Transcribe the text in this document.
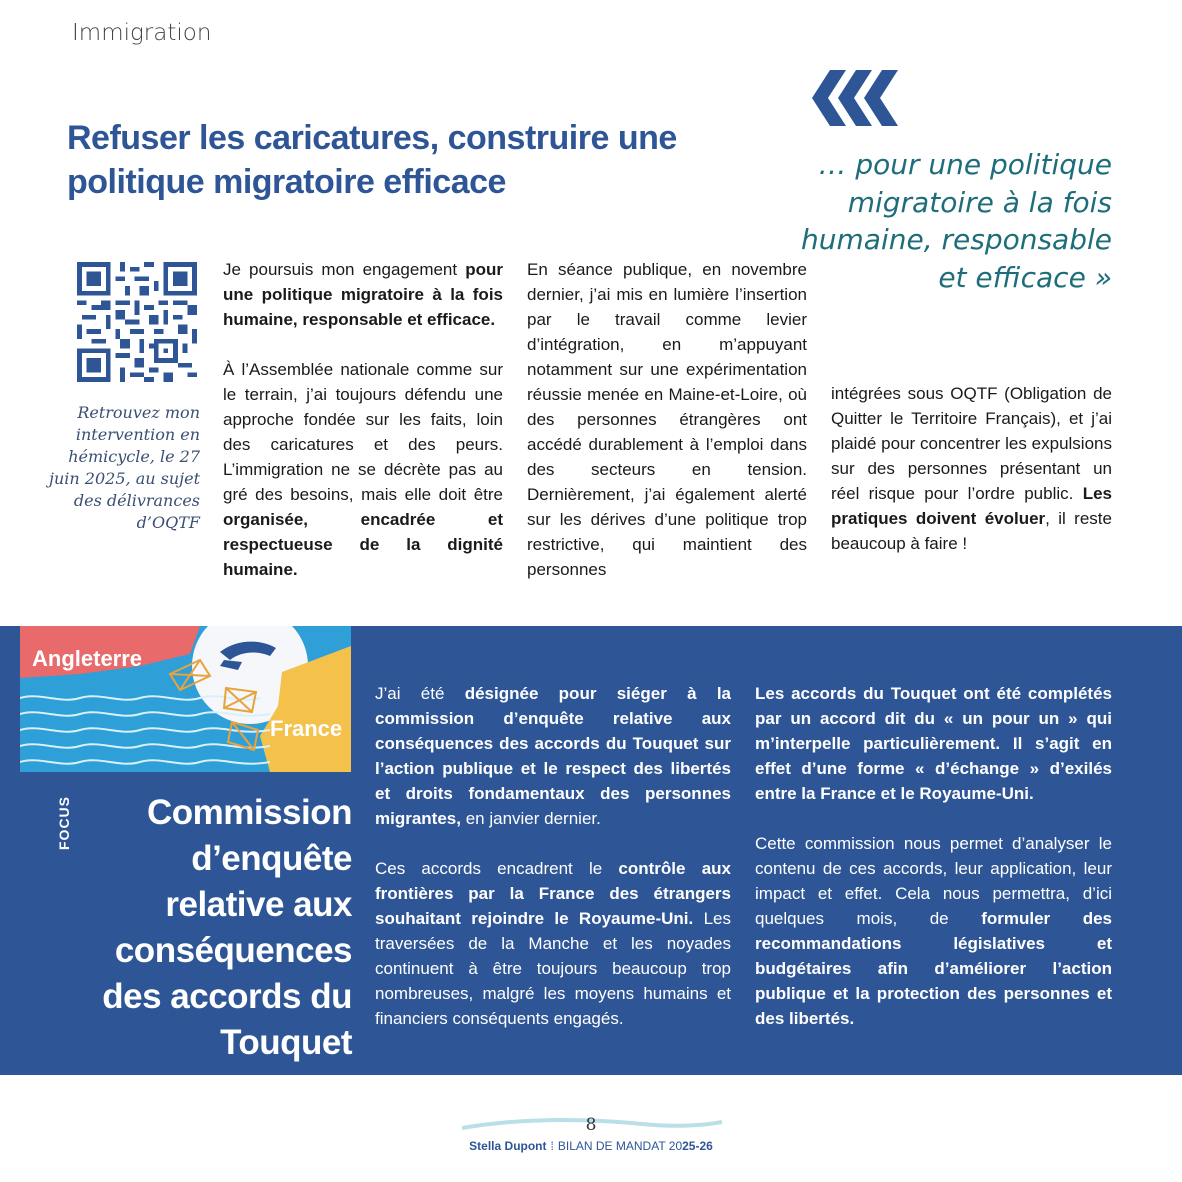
Immigration
Refuser les caricatures, construire une politique migratoire efficace	… pour une politique migratoire à la fois humaine, responsable et efficace »
Retrouvez mon intervention en hémicycle, le 27 juin 2025, au sujet des délivrances d’OQTF

Je poursuis mon engagement pour une politique migratoire à la fois humaine, responsable et efficace.

À l’Assemblée nationale comme sur le terrain, j’ai toujours défendu une approche fondée sur les faits, loin des caricatures et des peurs. L’immigration ne se décrète pas au gré des besoins, mais elle doit être organisée, encadrée et respectueuse de la dignité humaine.

En séance publique, en novembre dernier, j’ai mis en lumière l’insertion par le travail comme levier d’intégration, en m’appuyant notamment sur une expérimentation réussie menée en Maine-et-Loire, où des personnes étrangères ont accédé durablement à l’emploi dans des secteurs en tension. Dernièrement, j’ai également alerté sur les dérives d’une politique trop restrictive, qui maintient des personnes

intégrées sous OQTF (Obligation de Quitter le Territoire Français), et j’ai plaidé pour concentrer les expulsions sur des personnes présentant un réel risque pour l’ordre public. Les pratiques doivent évoluer, il reste beaucoup à faire !

Angleterre
France
FOCUS	Commission d’enquête relative aux conséquences des accords du Touquet

J’ai été désignée pour siéger à la commission d’enquête relative aux conséquences des accords du Touquet sur l’action publique et le respect des libertés et droits fondamentaux des personnes migrantes, en janvier dernier.

Ces accords encadrent le contrôle aux frontières par la France des étrangers souhaitant rejoindre le Royaume-Uni. Les traversées de la Manche et les noyades continuent à être toujours beaucoup trop nombreuses, malgré les moyens humains et financiers conséquents engagés.

Les accords du Touquet ont été complétés par un accord dit du « un pour un » qui m’interpelle particulièrement. Il s’agit en effet d’une forme « d’échange » d’exilés entre la France et le Royaume-Uni.

Cette commission nous permet d’analyser le contenu de ces accords, leur application, leur impact et effet. Cela nous permettra, d’ici quelques mois, de formuler des recommandations législatives et budgétaires afin d’améliorer l’action publique et la protection des personnes et des libertés.

8
Stella Dupont ⁞ BILAN DE MANDAT 2025-26
